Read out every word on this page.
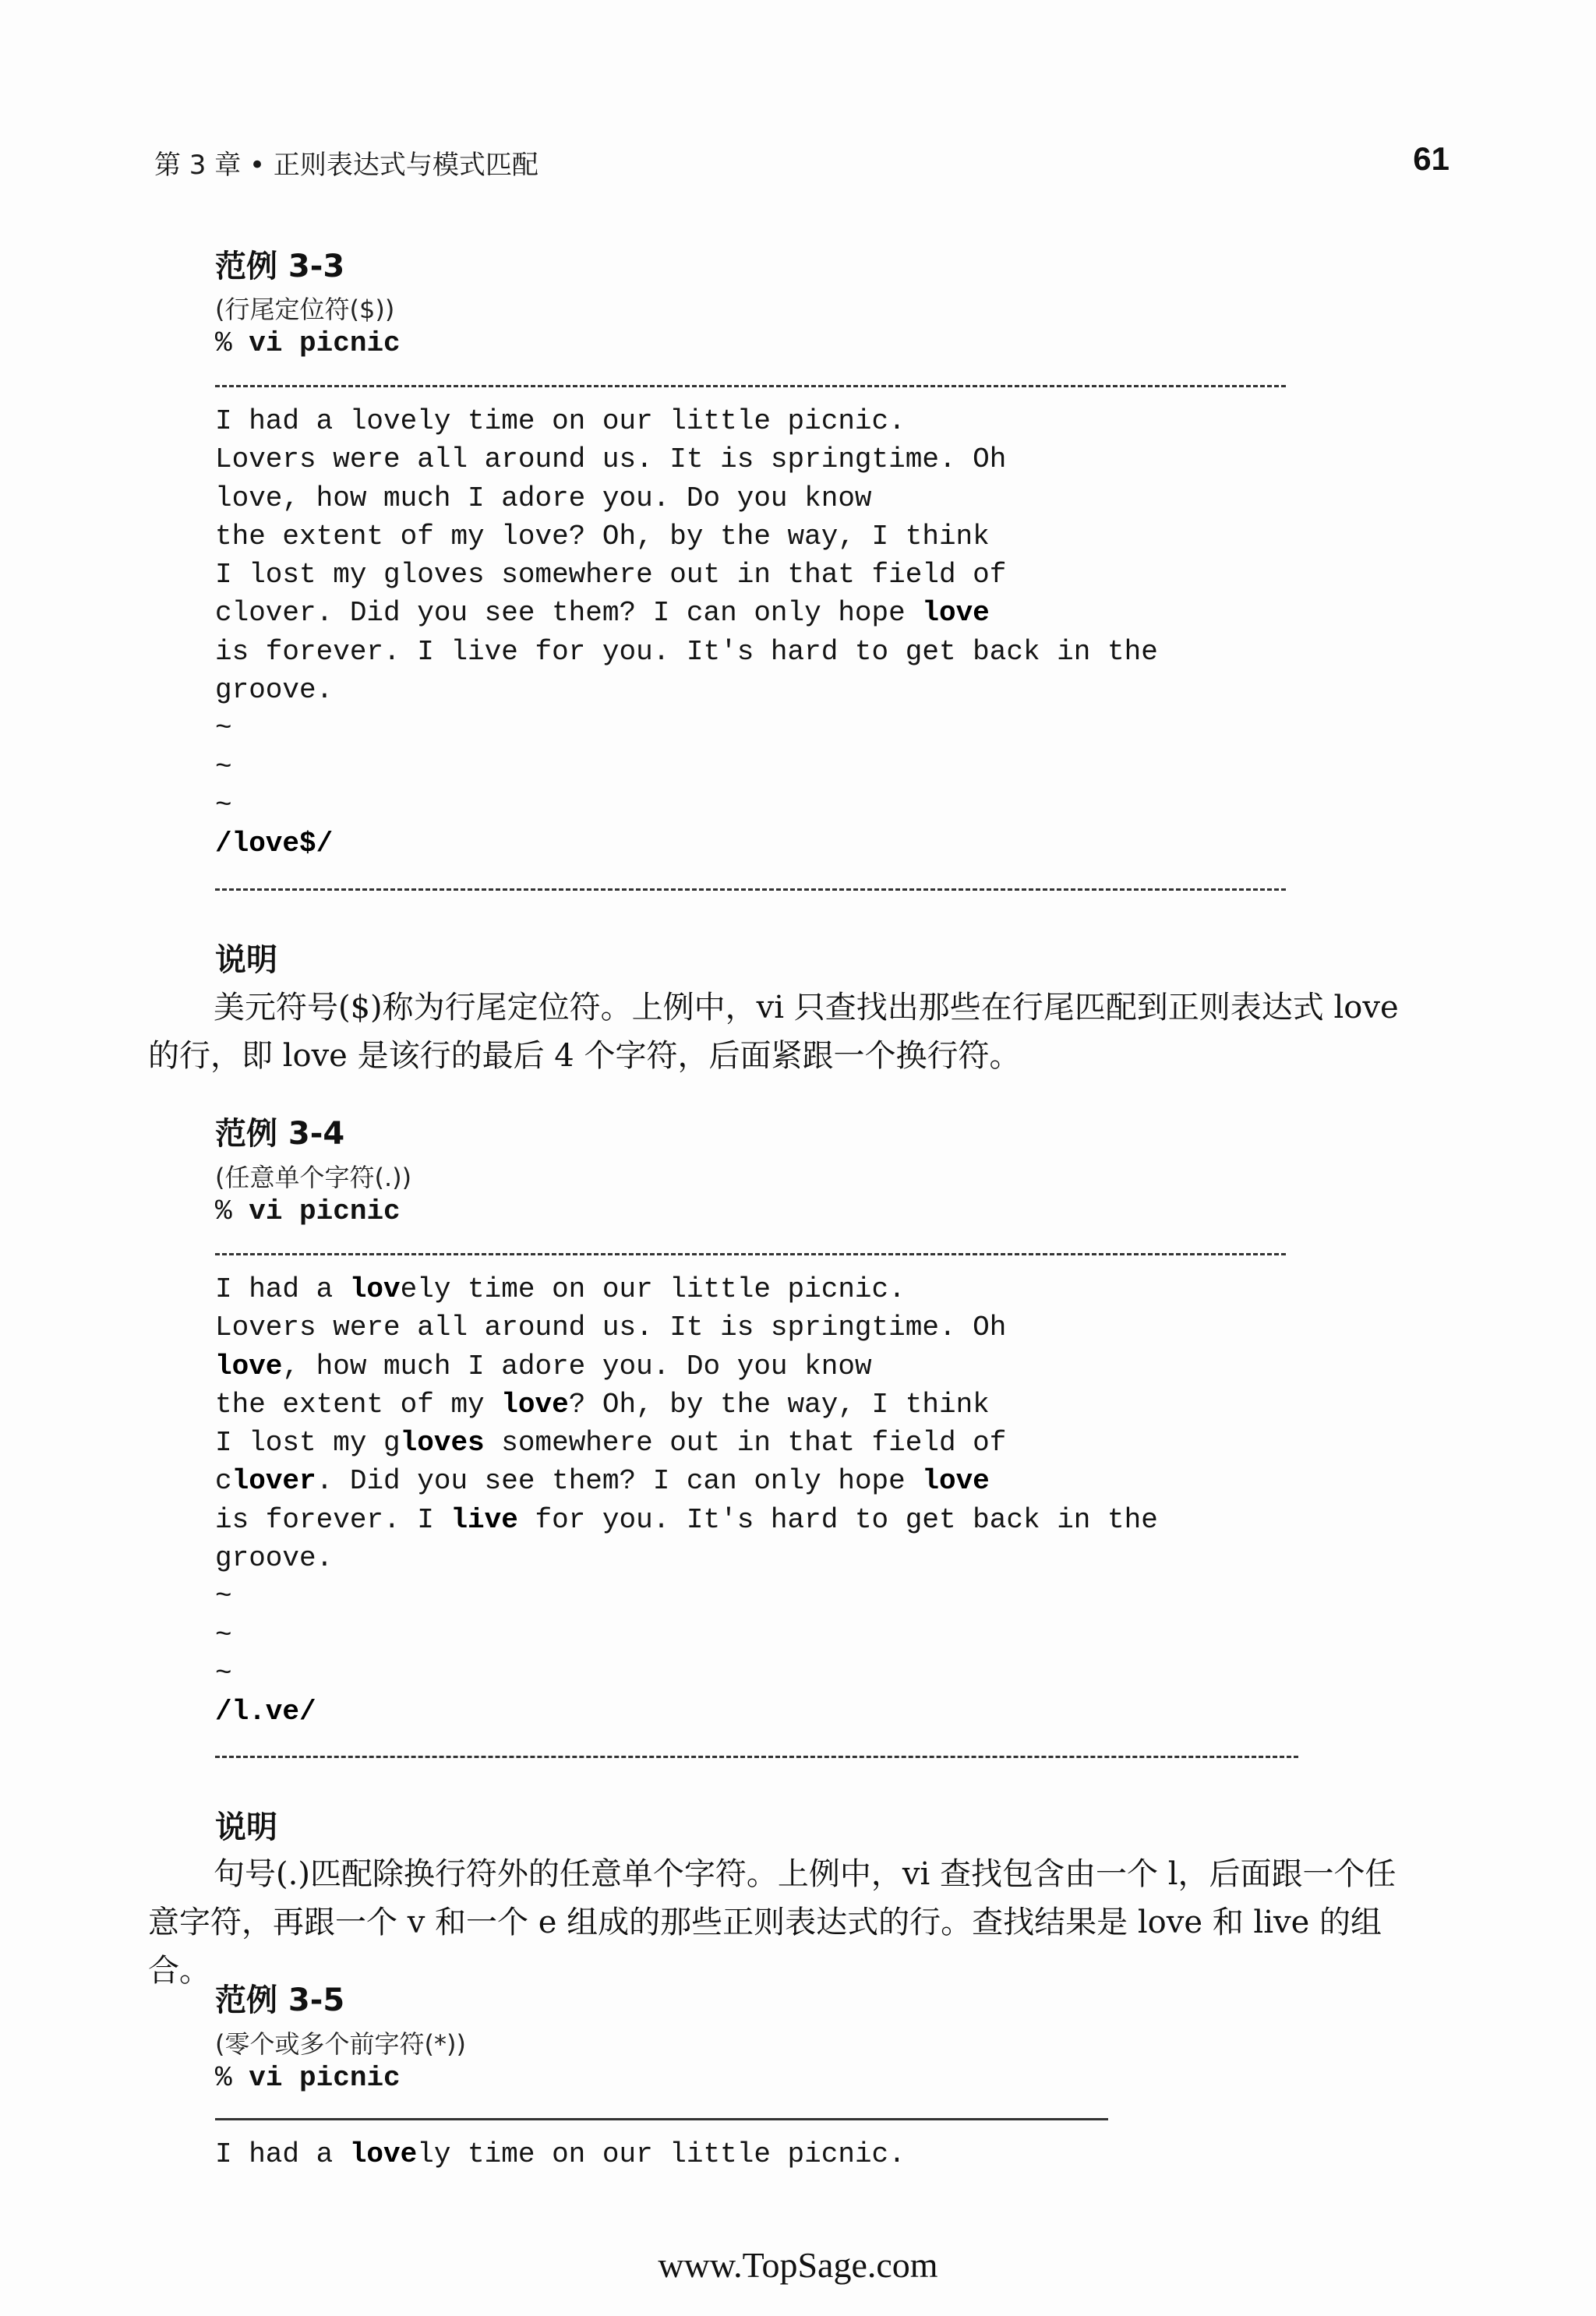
第 3 章 • 正则表达式与模式匹配	61
范例 3-3
(行尾定位符($))
% vi picnic
I had a lovely time on our little picnic.
Lovers were all around us. It is springtime. Oh
love, how much I adore you. Do you know
the extent of my love? Oh, by the way, I think
I lost my gloves somewhere out in that field of
clover. Did you see them? I can only hope love
is forever. I live for you. It's hard to get back in the
groove.
~
~
~
/love$/
说明

美元符号($)称为行尾定位符。上例中，vi 只查找出那些在行尾匹配到正则表达式 love 的行，即 love 是该行的最后 4 个字符，后面紧跟一个换行符。

范例 3-4
(任意单个字符(.))
% vi picnic
I had a lovely time on our little picnic.
Lovers were all around us. It is springtime. Oh
love, how much I adore you. Do you know
the extent of my love? Oh, by the way, I think
I lost my gloves somewhere out in that field of
clover. Did you see them? I can only hope love
is forever. I live for you. It's hard to get back in the
groove.
~
~
~
/l.ve/
说明

句号(.)匹配除换行符外的任意单个字符。上例中，vi 查找包含由一个 l，后面跟一个任意字符，再跟一个 v 和一个 e 组成的那些正则表达式的行。查找结果是 love 和 live 的组合。

范例 3-5
(零个或多个前字符(*))
% vi picnic
I had a lovely time on our little picnic.
www.TopSage.com
